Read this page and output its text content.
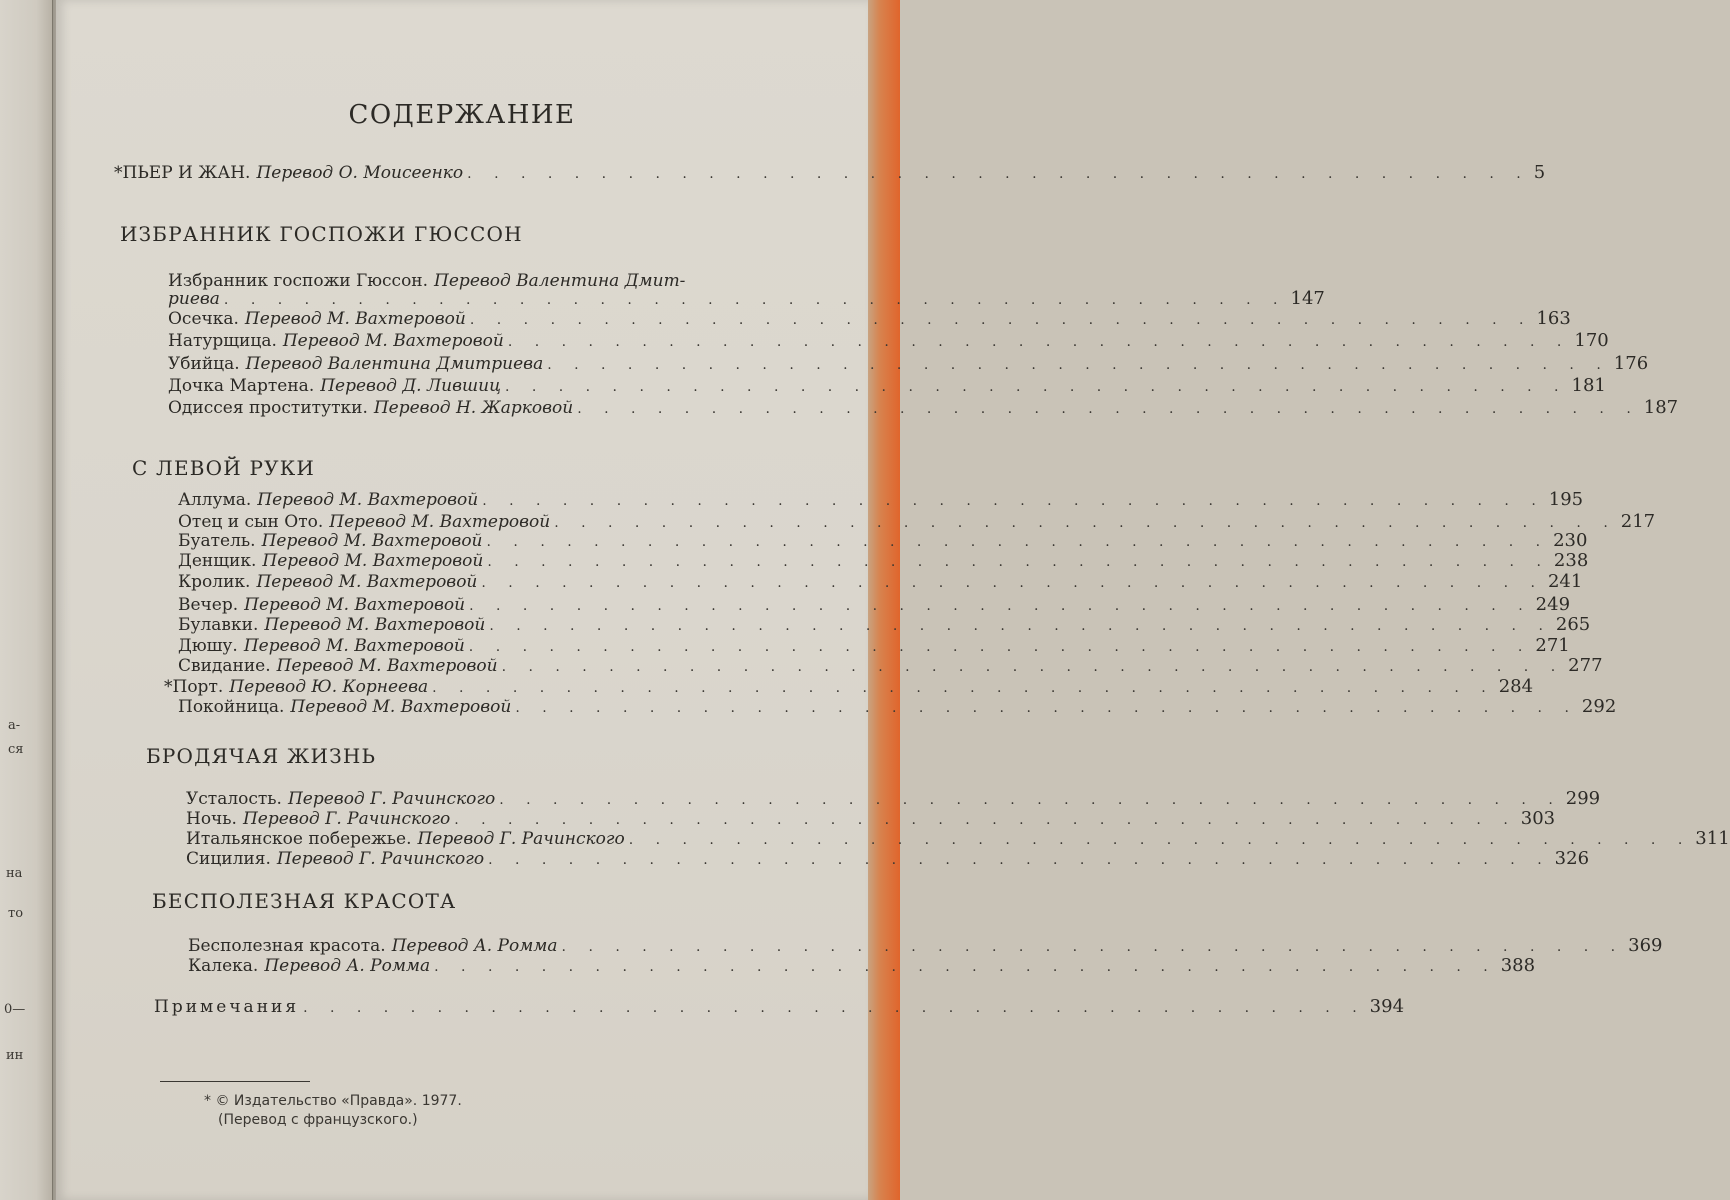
а-
ся
на
то
0—
ин
СОДЕРЖАНИЕ
* ПЬЕР И ЖАН. Перевод О. Моисеенко . . . . . . . . . . . . . . . . . . . . . . . . . . . . . . . . . . . . . . . . 5
ИЗБРАННИК ГОСПОЖИ ГЮССОН
Избранник госпожи Гюссон. Перевод Валентина Дмит-
риева . . . . . . . . . . . . . . . . . . . . . . . . . . . . . . . . . . . . . . . . 147
Осечка. Перевод М. Вахтеровой . . . . . . . . . . . . . . . . . . . . . . . . . . . . . . . . . . . . . . . . 163
Натурщица. Перевод М. Вахтеровой . . . . . . . . . . . . . . . . . . . . . . . . . . . . . . . . . . . . . . . . 170
Убийца. Перевод Валентина Дмитриева . . . . . . . . . . . . . . . . . . . . . . . . . . . . . . . . . . . . . . . . 176
Дочка Мартена. Перевод Д. Лившиц . . . . . . . . . . . . . . . . . . . . . . . . . . . . . . . . . . . . . . . . 181
Одиссея проститутки. Перевод Н. Жарковой . . . . . . . . . . . . . . . . . . . . . . . . . . . . . . . . . . . . . . . . 187
С ЛЕВОЙ РУКИ
Аллума. Перевод М. Вахтеровой . . . . . . . . . . . . . . . . . . . . . . . . . . . . . . . . . . . . . . . . 195
Отец и сын Ото. Перевод М. Вахтеровой . . . . . . . . . . . . . . . . . . . . . . . . . . . . . . . . . . . . . . . . 217
Буатель. Перевод М. Вахтеровой . . . . . . . . . . . . . . . . . . . . . . . . . . . . . . . . . . . . . . . . 230
Денщик. Перевод М. Вахтеровой . . . . . . . . . . . . . . . . . . . . . . . . . . . . . . . . . . . . . . . . 238
Кролик. Перевод М. Вахтеровой . . . . . . . . . . . . . . . . . . . . . . . . . . . . . . . . . . . . . . . . 241
Вечер. Перевод М. Вахтеровой . . . . . . . . . . . . . . . . . . . . . . . . . . . . . . . . . . . . . . . . 249
Булавки. Перевод М. Вахтеровой . . . . . . . . . . . . . . . . . . . . . . . . . . . . . . . . . . . . . . . . 265
Дюшу. Перевод М. Вахтеровой . . . . . . . . . . . . . . . . . . . . . . . . . . . . . . . . . . . . . . . . 271
Свидание. Перевод М. Вахтеровой . . . . . . . . . . . . . . . . . . . . . . . . . . . . . . . . . . . . . . . . 277
* Порт. Перевод Ю. Корнеева . . . . . . . . . . . . . . . . . . . . . . . . . . . . . . . . . . . . . . . . 284
Покойница. Перевод М. Вахтеровой . . . . . . . . . . . . . . . . . . . . . . . . . . . . . . . . . . . . . . . . 292
БРОДЯЧАЯ ЖИЗНЬ
Усталость. Перевод Г. Рачинского . . . . . . . . . . . . . . . . . . . . . . . . . . . . . . . . . . . . . . . . 299
Ночь. Перевод Г. Рачинского . . . . . . . . . . . . . . . . . . . . . . . . . . . . . . . . . . . . . . . . 303
Итальянское побережье. Перевод Г. Рачинского . . . . . . . . . . . . . . . . . . . . . . . . . . . . . . . . . . . . . . . . 311
Сицилия. Перевод Г. Рачинского . . . . . . . . . . . . . . . . . . . . . . . . . . . . . . . . . . . . . . . . 326
БЕСПОЛЕЗНАЯ КРАСОТА
Бесполезная красота. Перевод А. Ромма . . . . . . . . . . . . . . . . . . . . . . . . . . . . . . . . . . . . . . . . 369
Калека. Перевод А. Ромма . . . . . . . . . . . . . . . . . . . . . . . . . . . . . . . . . . . . . . . . 388
Примечания . . . . . . . . . . . . . . . . . . . . . . . . . . . . . . . . . . . . . . . . 394
* © Издательство «Правда». 1977.
(Перевод с французского.)
